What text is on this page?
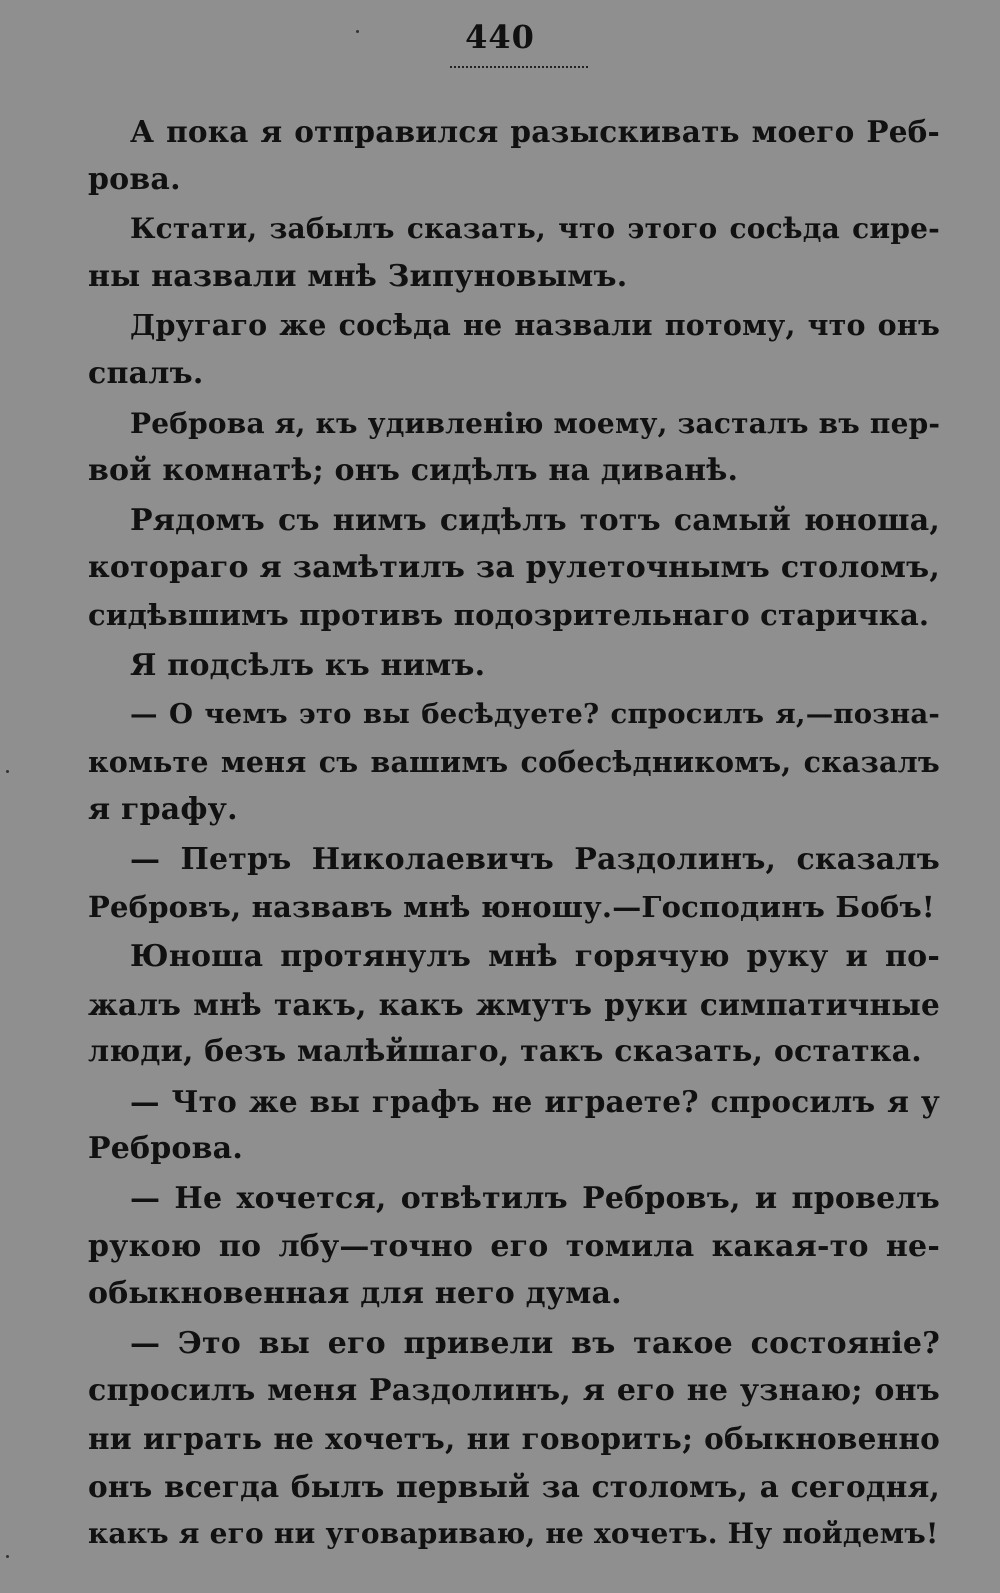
440

А пока я отправился разыскивать моего Реб-
рова.

Кстати, забылъ сказать, что этого сосѣда сире-
ны назвали мнѣ Зипуновымъ.

Другаго же сосѣда не назвали потому, что онъ
спалъ.

Реброва я, къ удивленію моему, засталъ въ пер-
вой комнатѣ; онъ сидѣлъ на диванѣ.

Рядомъ съ нимъ сидѣлъ тотъ самый юноша,
котораго я замѣтилъ за рулеточнымъ столомъ,
сидѣвшимъ противъ подозрительнаго старичка.

Я подсѣлъ къ нимъ.

— О чемъ это вы бесѣдуете? спросилъ я,—позна-
комьте меня съ вашимъ собесѣдникомъ, сказалъ
я графу.

— Петръ Николаевичъ Раздолинъ, сказалъ
Ребровъ, назвавъ мнѣ юношу.—Господинъ Бобъ!

Юноша протянулъ мнѣ горячую руку и по-
жалъ мнѣ такъ, какъ жмутъ руки симпатичные
люди, безъ малѣйшаго, такъ сказать, остатка.

— Что же вы графъ не играете? спросилъ я у
Реброва.

— Не хочется, отвѣтилъ Ребровъ, и провелъ
рукою по лбу—точно его томила какая-то не-
обыкновенная для него дума.

— Это вы его привели въ такое состояніе?
спросилъ меня Раздолинъ, я его не узнаю; онъ
ни играть не хочетъ, ни говорить; обыкновенно
онъ всегда былъ первый за столомъ, а сегодня,
какъ я его ни уговариваю, не хочетъ. Ну пойдемъ!
